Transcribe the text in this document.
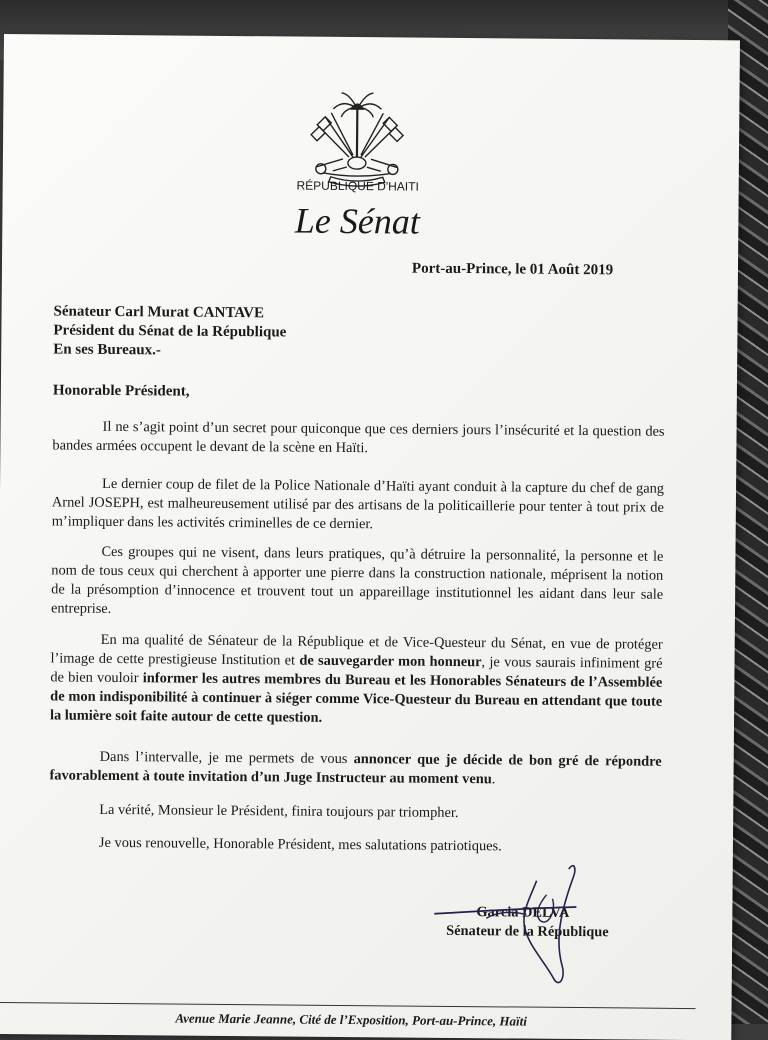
RÉPUBLIQUE D'HAITI
Le Sénat
Port-au-Prince, le 01 Août 2019
Sénateur Carl Murat CANTAVE
Président du Sénat de la République
En ses Bureaux.-
Honorable Président,
Il ne s’agit point d’un secret pour quiconque que ces derniers jours l’insécurité et la question des bandes armées occupent le devant de la scène en Haïti.
Le dernier coup de filet de la Police Nationale d’Haïti ayant conduit à la capture du chef de gang Arnel JOSEPH, est malheureusement utilisé par des artisans de la politicaillerie pour tenter à tout prix de m’impliquer dans les activités criminelles de ce dernier.
Ces groupes qui ne visent, dans leurs pratiques, qu’à détruire la personnalité, la personne et le nom de tous ceux qui cherchent à apporter une pierre dans la construction nationale, méprisent la notion de la présomption d’innocence et trouvent tout un appareillage institutionnel les aidant dans leur sale entreprise.
En ma qualité de Sénateur de la République et de Vice-Questeur du Sénat, en vue de protéger l’image de cette prestigieuse Institution et de sauvegarder mon honneur, je vous saurais infiniment gré de bien vouloir informer les autres membres du Bureau et les Honorables Sénateurs de l’Assemblée de mon indisponibilité à continuer à siéger comme Vice-Questeur du Bureau en attendant que toute la lumière soit faite autour de cette question.
Dans l’intervalle, je me permets de vous annoncer que je décide de bon gré de répondre favorablement à toute invitation d’un Juge Instructeur au moment venu.
La vérité, Monsieur le Président, finira toujours par triompher.
Je vous renouvelle, Honorable Président, mes salutations patriotiques.
Garcia DELVA
Sénateur de la République
Avenue Marie Jeanne, Cité de l’Exposition, Port-au-Prince, Haïti
